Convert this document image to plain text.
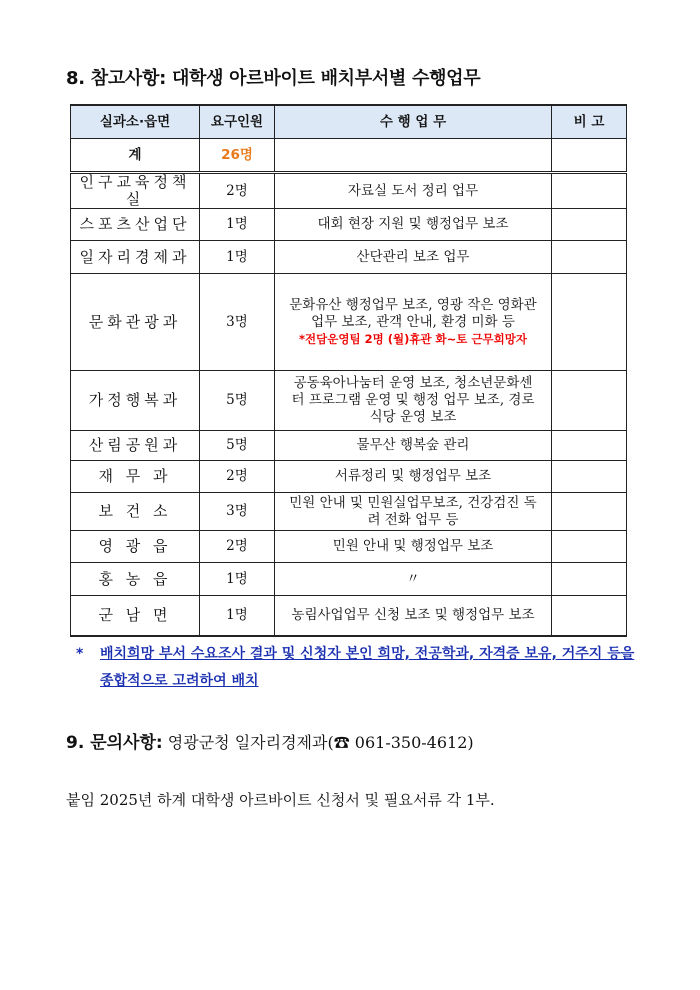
8. 참고사항: 대학생 아르바이트 배치부서별 수행업무
실과소·읍면	요구인원	수 행 업 무	비 고
계	26명		
인구교육정책실	2명	자료실 도서 정리 업무	
스포츠산업단	1명	대회 현장 지원 및 행정업무 보조	
일자리경제과	1명	산단관리 보조 업무	
문화관광과	3명	문화유산 행정업무 보조, 영광 작은 영화관 업무 보조, 관객 안내, 환경 미화 등
*전담운영팀 2명 (월)휴관 화~토 근무희망자	
가정행복과	5명	공동육아나눔터 운영 보조, 청소년문화센터 프로그램 운영 및 행정 업무 보조, 경로식당 운영 보조	
산림공원과	5명	물무산 행복숲 관리	
재 무 과	2명	서류정리 및 행정업무 보조	
보 건 소	3명	민원 안내 및 민원실업무보조, 건강검진 독려 전화 업무 등	
영 광 읍	2명	민원 안내 및 행정업무 보조	
홍 농 읍	1명	〃	
군 남 면	1명	농림사업업무 신청 보조 및 행정업무 보조	
* 배치희망 부서 수요조사 결과 및 신청자 본인 희망, 전공학과, 자격증 보유, 거주지 등을 종합적으로 고려하여 배치
9. 문의사항: 영광군청 일자리경제과(☎ 061-350-4612)
붙임 2025년 하계 대학생 아르바이트 신청서 및 필요서류 각 1부.
